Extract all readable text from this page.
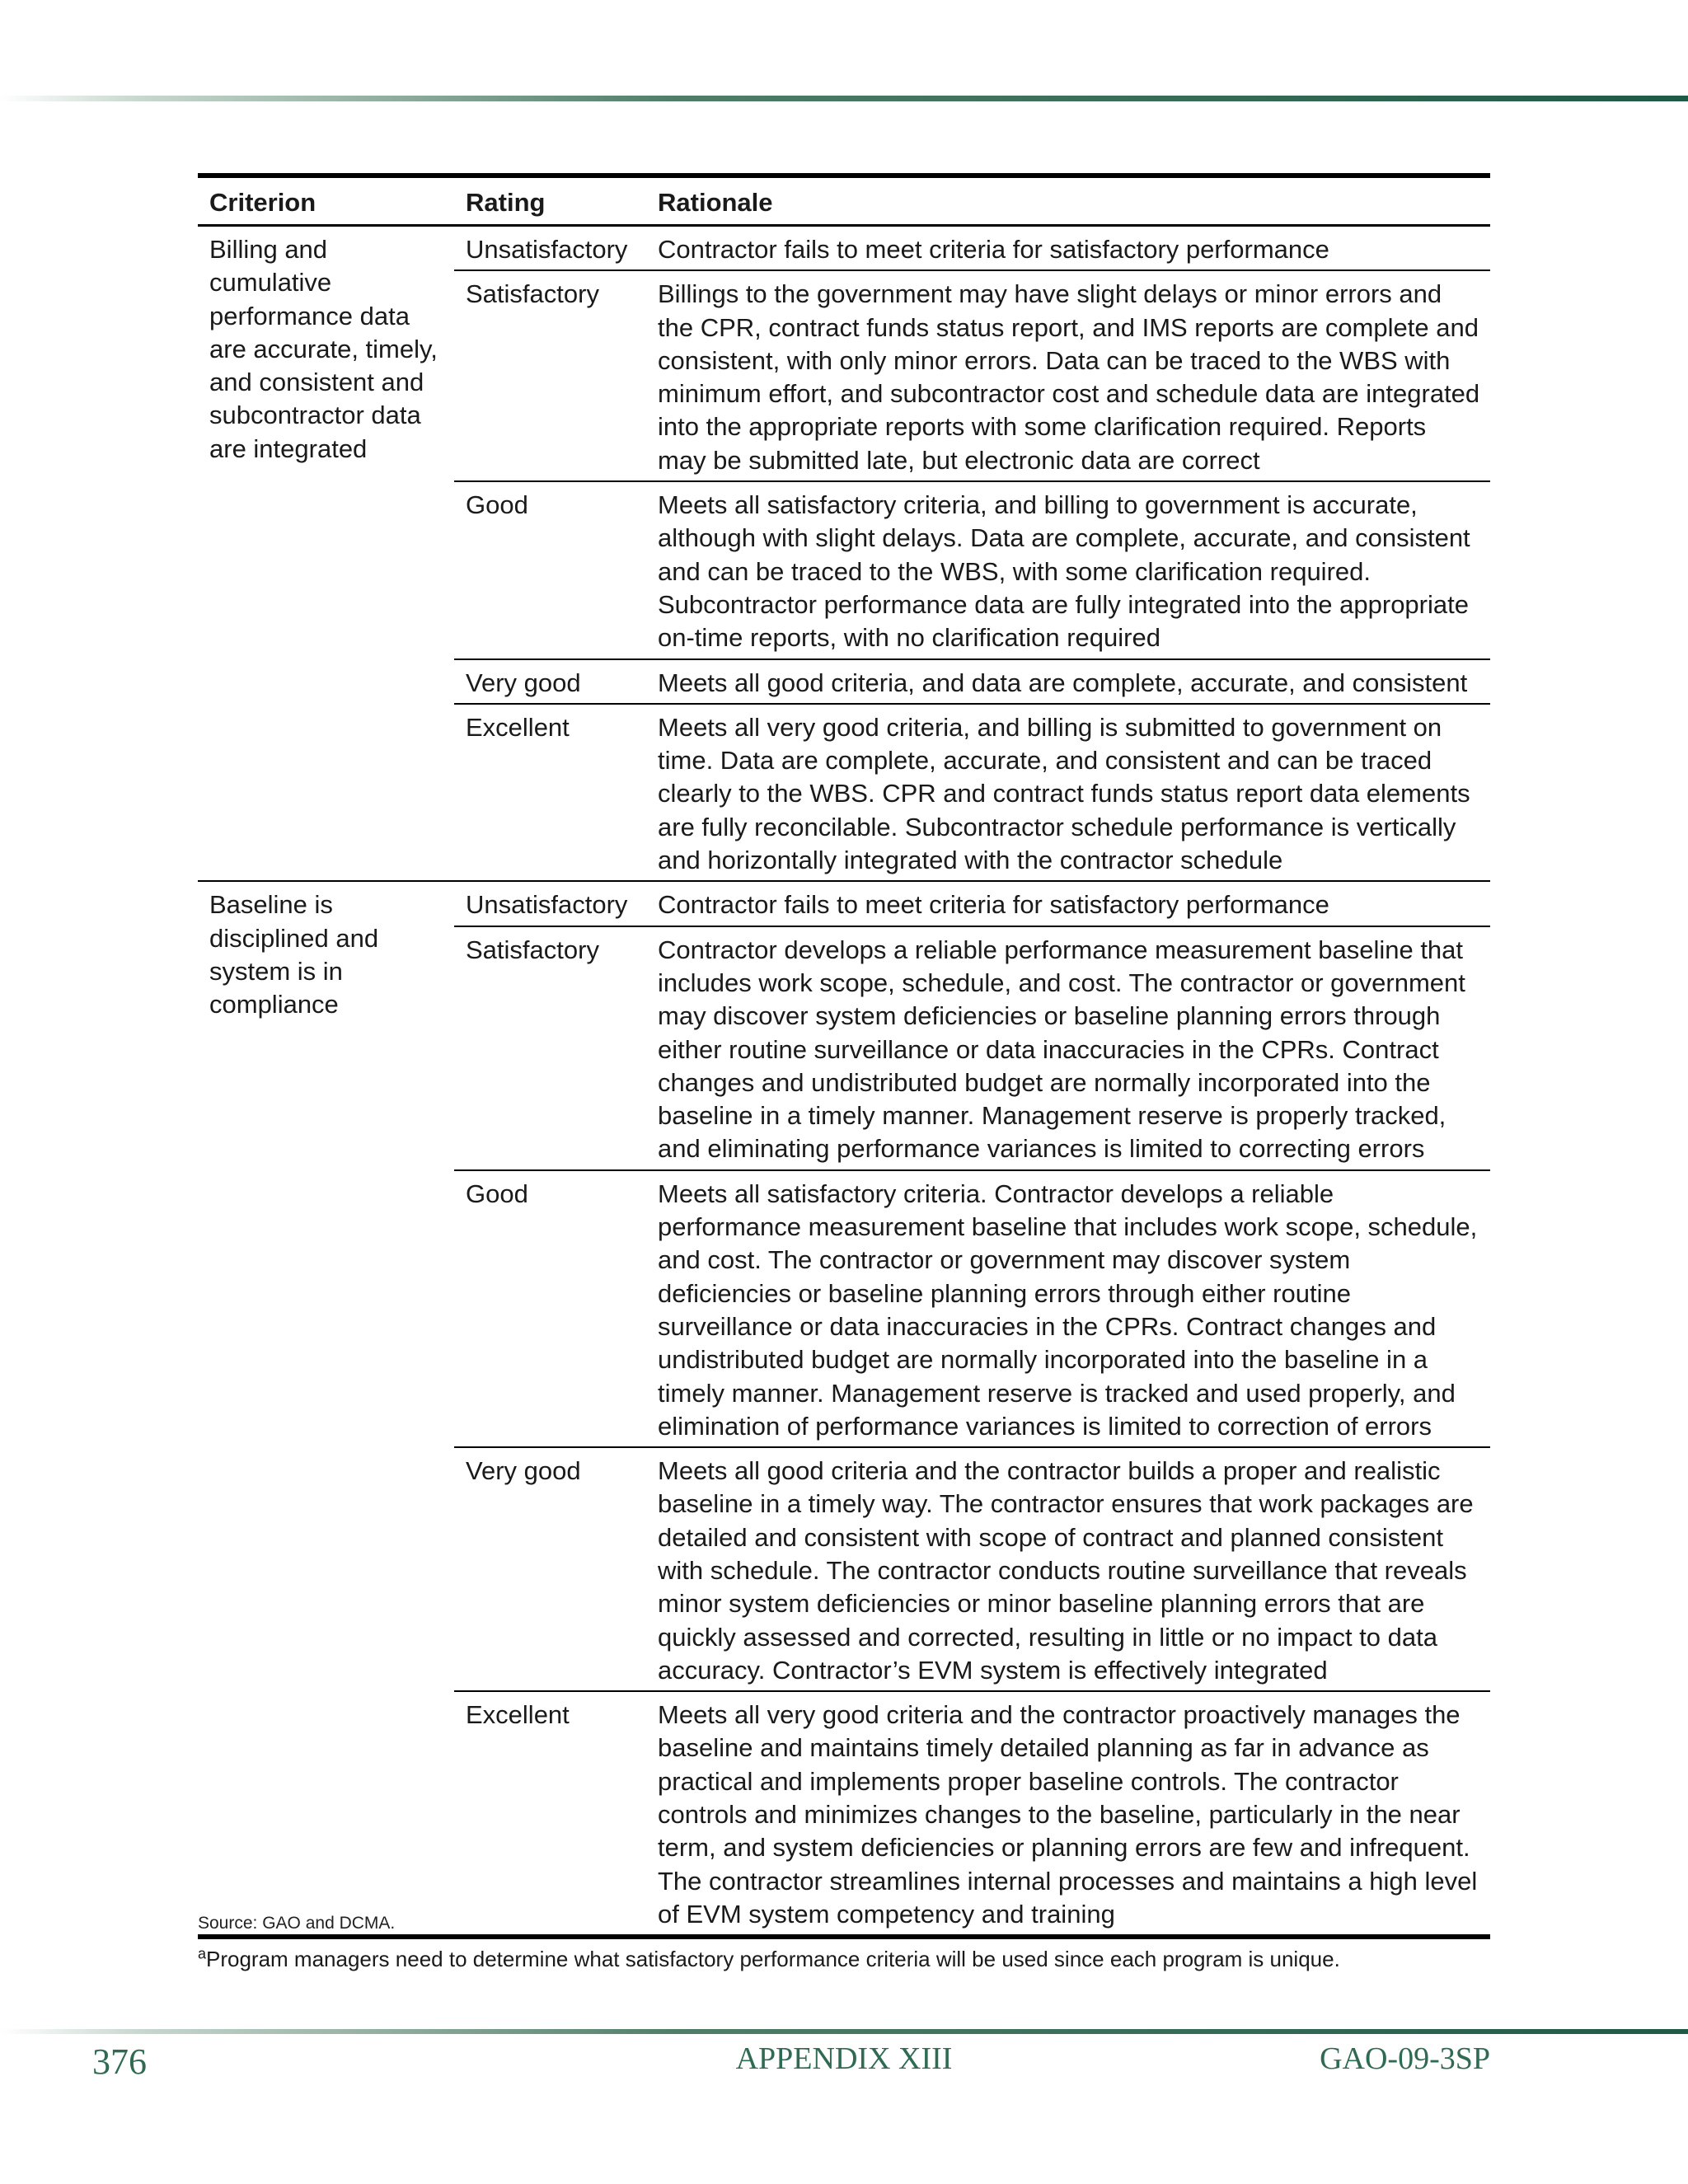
Criterion	Rating	Rationale
Billing and cumulative performance data are accurate, timely, and consistent and subcontractor data are integrated	Unsatisfactory	Contractor fails to meet criteria for satisfactory performance
	Satisfactory	Billings to the government may have slight delays or minor errors and the CPR, contract funds status report, and IMS reports are complete and consistent, with only minor errors. Data can be traced to the WBS with minimum effort, and subcontractor cost and schedule data are integrated into the appropriate reports with some clarification required. Reports may be submitted late, but electronic data are correct
	Good	Meets all satisfactory criteria, and billing to government is accurate, although with slight delays. Data are complete, accurate, and consistent and can be traced to the WBS, with some clarification required. Subcontractor performance data are fully integrated into the appropriate on-time reports, with no clarification required
	Very good	Meets all good criteria, and data are complete, accurate, and consistent
	Excellent	Meets all very good criteria, and billing is submitted to government on time. Data are complete, accurate, and consistent and can be traced clearly to the WBS. CPR and contract funds status report data elements are fully reconcilable. Subcontractor schedule performance is vertically and horizontally integrated with the contractor schedule
Baseline is disciplined and system is in compliance	Unsatisfactory	Contractor fails to meet criteria for satisfactory performance
	Satisfactory	Contractor develops a reliable performance measurement baseline that includes work scope, schedule, and cost. The contractor or government may discover system deficiencies or baseline planning errors through either routine surveillance or data inaccuracies in the CPRs. Contract changes and undistributed budget are normally incorporated into the baseline in a timely manner. Management reserve is properly tracked, and eliminating performance variances is limited to correcting errors
	Good	Meets all satisfactory criteria. Contractor develops a reliable performance measurement baseline that includes work scope, schedule, and cost. The contractor or government may discover system deficiencies or baseline planning errors through either routine surveillance or data inaccuracies in the CPRs. Contract changes and undistributed budget are normally incorporated into the baseline in a timely manner. Management reserve is tracked and used properly, and elimination of performance variances is limited to correction of errors
	Very good	Meets all good criteria and the contractor builds a proper and realistic baseline in a timely way. The contractor ensures that work packages are detailed and consistent with scope of contract and planned consistent with schedule. The contractor conducts routine surveillance that reveals minor system deficiencies or minor baseline planning errors that are quickly assessed and corrected, resulting in little or no impact to data accuracy. Contractor’s EVM system is effectively integrated
	Excellent	Meets all very good criteria and the contractor proactively manages the baseline and maintains timely detailed planning as far in advance as practical and implements proper baseline controls. The contractor controls and minimizes changes to the baseline, particularly in the near term, and system deficiencies or planning errors are few and infrequent. The contractor streamlines internal processes and maintains a high level of EVM system competency and training
Source: GAO and DCMA.
$^a$Program managers need to determine what satisfactory performance criteria will be used since each program is unique.
376	APPENDIX XIII	GAO-09-3SP
